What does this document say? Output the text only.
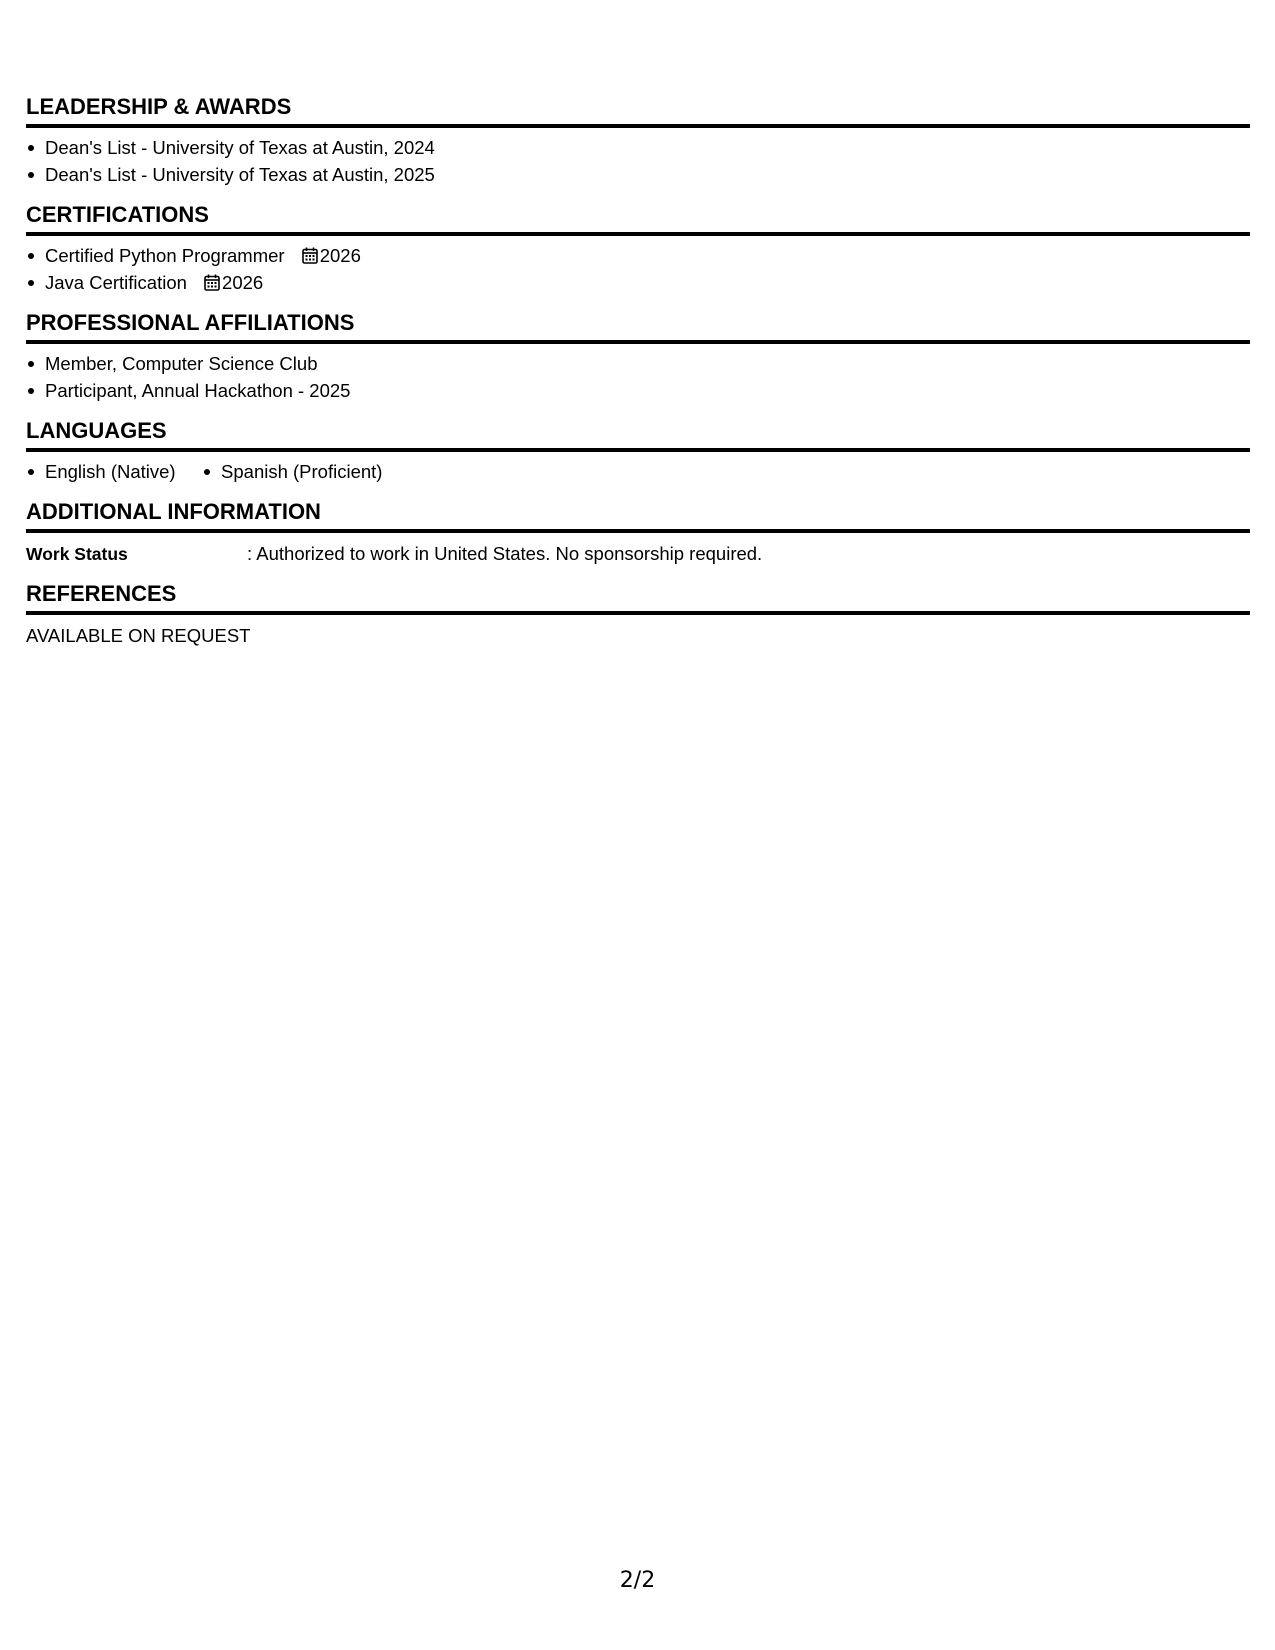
LEADERSHIP & AWARDS
Dean's List - University of Texas at Austin, 2024
Dean's List - University of Texas at Austin, 2025
CERTIFICATIONS
Certified Python Programmer 2026
Java Certification 2026
PROFESSIONAL AFFILIATIONS
Member, Computer Science Club
Participant, Annual Hackathon - 2025
LANGUAGES
English (Native) Spanish (Proficient)
ADDITIONAL INFORMATION
Work Status	: Authorized to work in United States. No sponsorship required.
REFERENCES
AVAILABLE ON REQUEST
2/2
